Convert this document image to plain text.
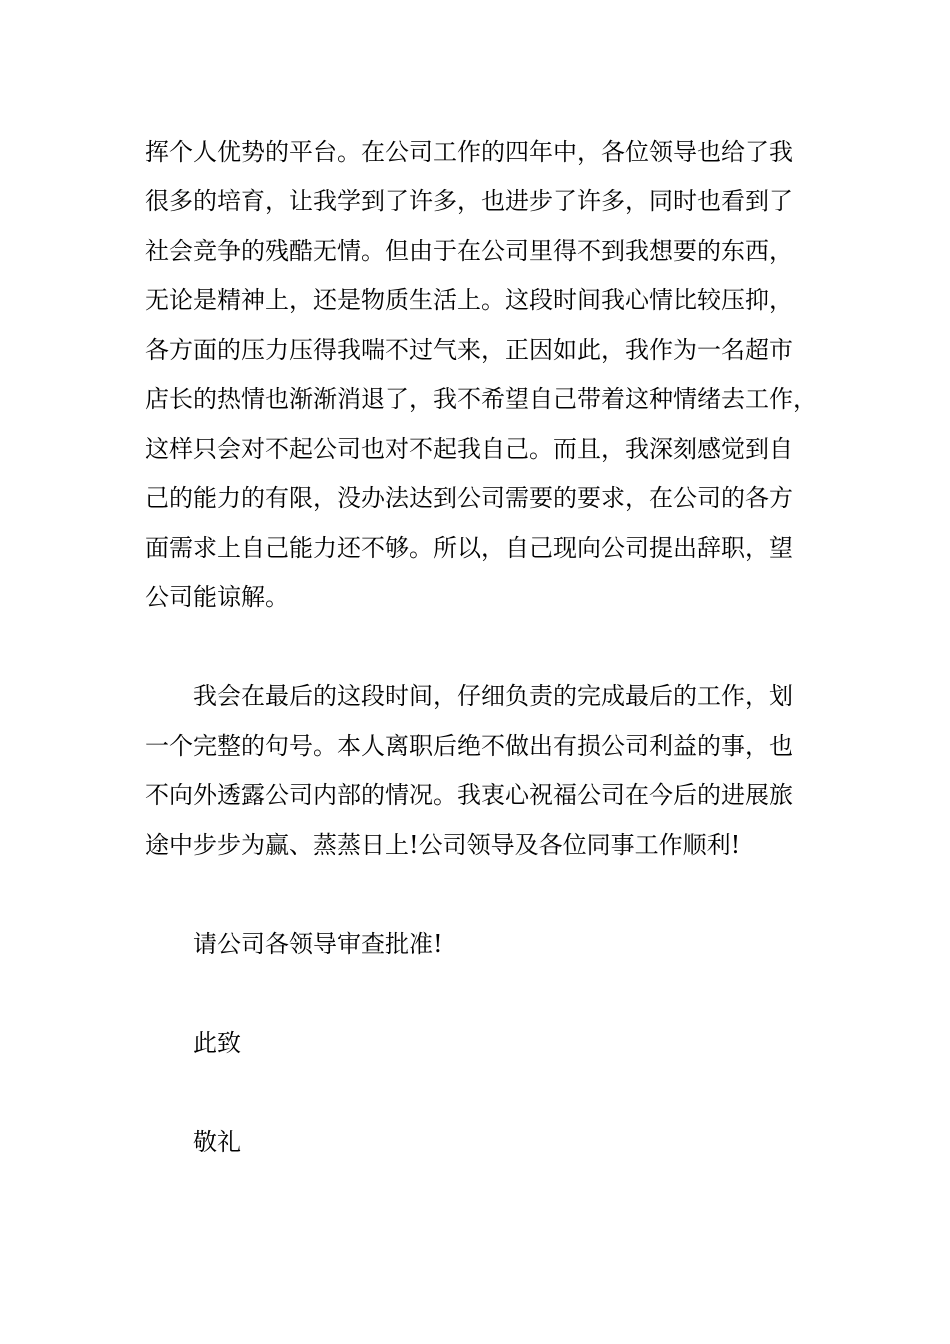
挥个人优势的平台。在公司工作的四年中，各位领导也给了我
很多的培育，让我学到了许多，也进步了许多，同时也看到了
社会竞争的残酷无情。但由于在公司里得不到我想要的东西，
无论是精神上，还是物质生活上。这段时间我心情比较压抑，
各方面的压力压得我喘不过气来，正因如此，我作为一名超市
店长的热情也渐渐消退了，我不希望自己带着这种情绪去工作，
这样只会对不起公司也对不起我自己。而且，我深刻感觉到自
己的能力的有限，没办法达到公司需要的要求，在公司的各方
面需求上自己能力还不够。所以，自己现向公司提出辞职，望
公司能谅解。
我会在最后的这段时间，仔细负责的完成最后的工作，划
一个完整的句号。本人离职后绝不做出有损公司利益的事，也
不向外透露公司内部的情况。我衷心祝福公司在今后的进展旅
途中步步为赢、蒸蒸日上!公司领导及各位同事工作顺利!
请公司各领导审查批准!
此致
敬礼
